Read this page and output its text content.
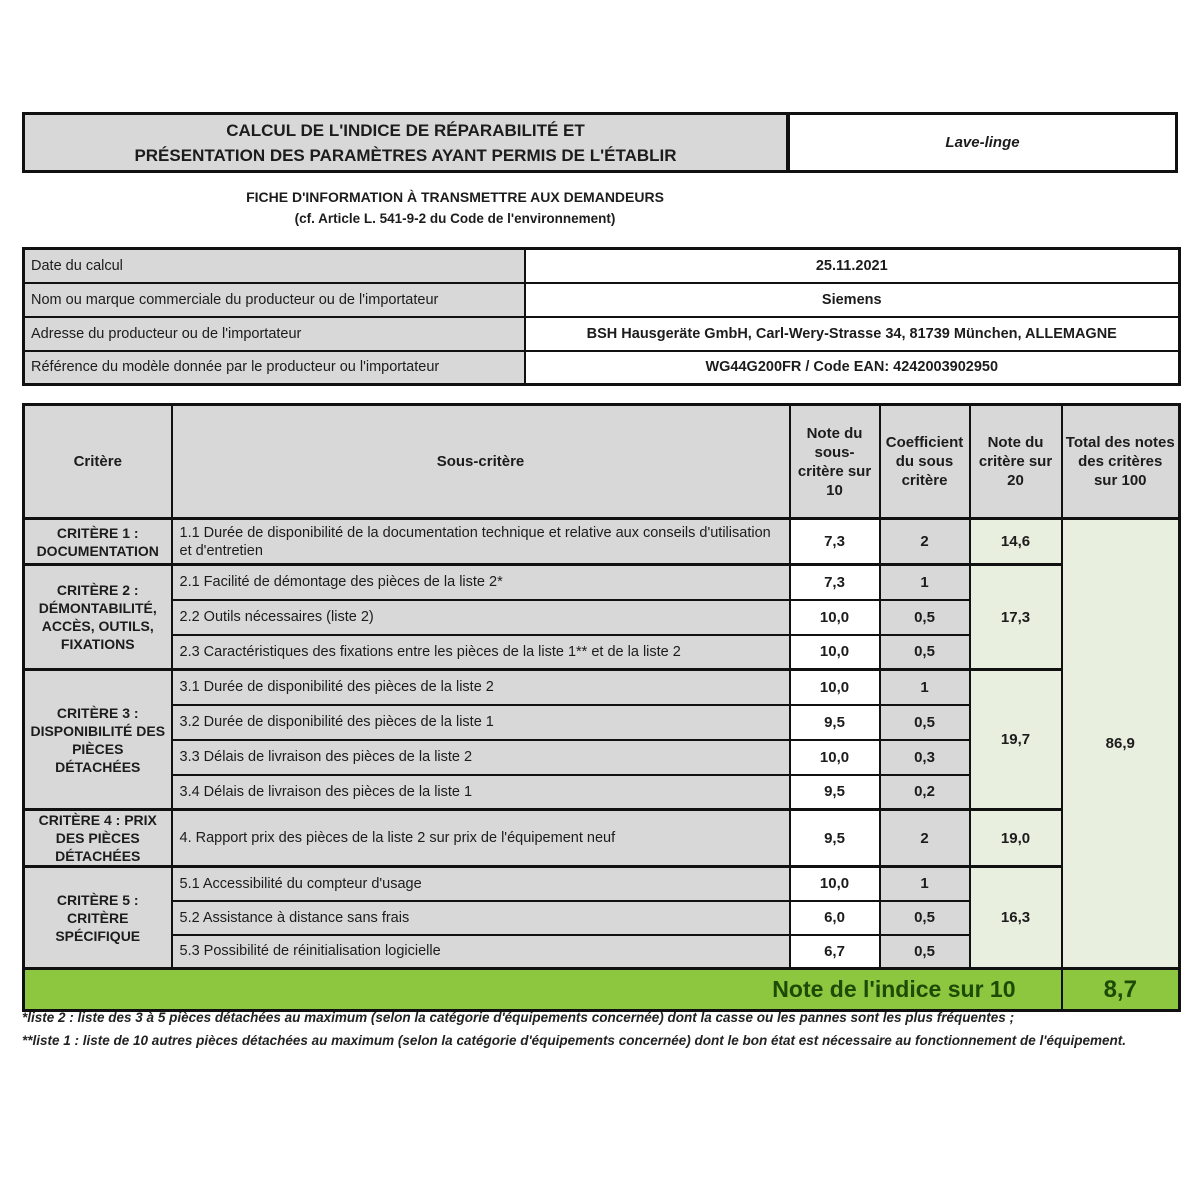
CALCUL DE L'INDICE DE RÉPARABILITÉ ET
PRÉSENTATION DES PARAMÈTRES AYANT PERMIS DE L'ÉTABLIR
Lave-linge
FICHE D'INFORMATION À TRANSMETTRE AUX DEMANDEURS
(cf. Article L. 541-9-2 du Code de l'environnement)
Date du calcul	25.11.2021
Nom ou marque commerciale du producteur ou de l'importateur	Siemens
Adresse du producteur ou de l'importateur	BSH Hausgeräte GmbH, Carl-Wery-Strasse 34, 81739 München, ALLEMAGNE
Référence du modèle donnée par le producteur ou l'importateur	WG44G200FR / Code EAN: 4242003902950
Critère	Sous-critère	Note du sous-critère sur 10	Coefficient du sous critère	Note du critère sur 20	Total des notes des critères sur 100
CRITÈRE 1 : DOCUMENTATION	1.1 Durée de disponibilité de la documentation technique et relative aux conseils d'utilisation et d'entretien	7,3	2	14,6	86,9
CRITÈRE 2 : DÉMONTABILITÉ, ACCÈS, OUTILS, FIXATIONS	2.1 Facilité de démontage des pièces de la liste 2*	7,3	1	17,3	
	2.2 Outils nécessaires (liste 2)	10,0	0,5		
	2.3 Caractéristiques des fixations entre les pièces de la liste 1** et de la liste 2	10,0	0,5		
CRITÈRE 3 : DISPONIBILITÉ DES PIÈCES DÉTACHÉES	3.1 Durée de disponibilité des pièces de la liste 2	10,0	1	19,7	
	3.2 Durée de disponibilité des pièces de la liste 1	9,5	0,5		
	3.3 Délais de livraison des pièces de la liste 2	10,0	0,3		
	3.4 Délais de livraison des pièces de la liste 1	9,5	0,2		
CRITÈRE 4 : PRIX DES PIÈCES DÉTACHÉES	4. Rapport prix des pièces de la liste 2 sur prix de l'équipement neuf	9,5	2	19,0	
CRITÈRE 5 : CRITÈRE SPÉCIFIQUE	5.1 Accessibilité du compteur d'usage	10,0	1	16,3	
	5.2 Assistance à distance sans frais	6,0	0,5		
	5.3 Possibilité de réinitialisation logicielle	6,7	0,5		
Note de l'indice sur 10					8,7
*liste 2 : liste des 3 à 5 pièces détachées au maximum (selon la catégorie d'équipements concernée) dont la casse ou les pannes sont les plus fréquentes ;
**liste 1 : liste de 10 autres pièces détachées au maximum (selon la catégorie d'équipements concernée) dont le bon état est nécessaire au fonctionnement de l'équipement.
